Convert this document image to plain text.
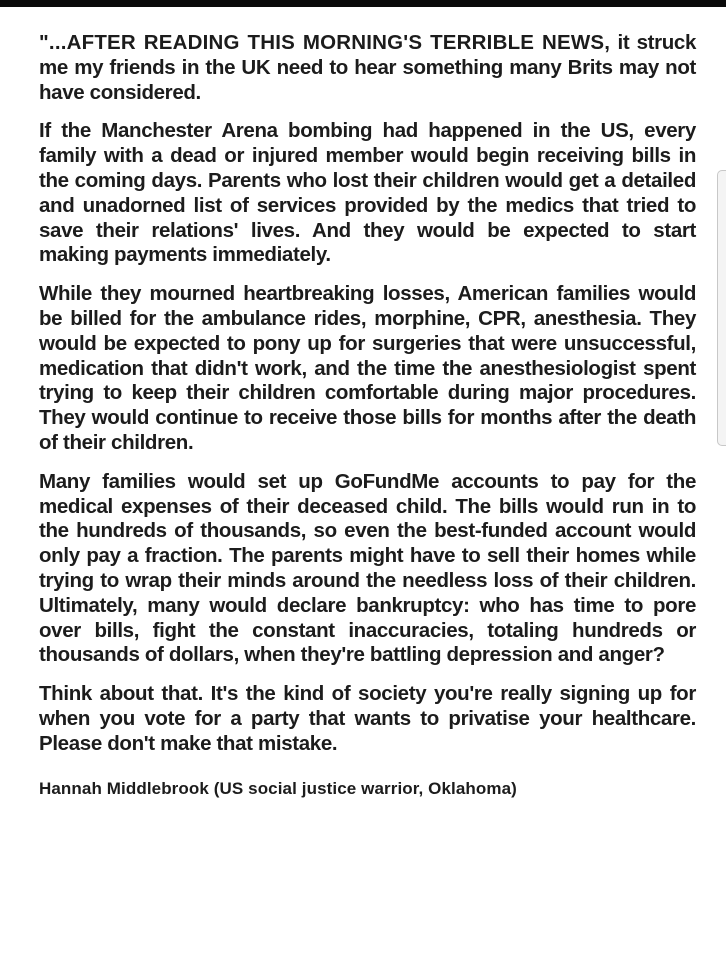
"...AFTER READING THIS MORNING'S TERRIBLE NEWS, it struck me my friends in the UK need to hear something many Brits may not have considered.

If the Manchester Arena bombing had happened in the US, every family with a dead or injured member would begin receiving bills in the coming days. Parents who lost their children would get a detailed and unadorned list of services provided by the medics that tried to save their relations' lives. And they would be expected to start making payments immediately.

While they mourned heartbreaking losses, American families would be billed for the ambulance rides, morphine, CPR, anesthesia. They would be expected to pony up for surgeries that were unsuccessful, medication that didn't work, and the time the anesthesiologist spent trying to keep their children comfortable during major procedures. They would continue to receive those bills for months after the death of their children.

Many families would set up GoFundMe accounts to pay for the medical expenses of their deceased child. The bills would run in to the hundreds of thousands, so even the best-funded account would only pay a fraction. The parents might have to sell their homes while trying to wrap their minds around the needless loss of their children. Ultimately, many would declare bankruptcy: who has time to pore over bills, fight the constant inaccuracies, totaling hundreds or thousands of dollars, when they're battling depression and anger?

Think about that. It's the kind of society you're really signing up for when you vote for a party that wants to privatise your healthcare. Please don't make that mistake.

Hannah Middlebrook (US social justice warrior, Oklahoma)
